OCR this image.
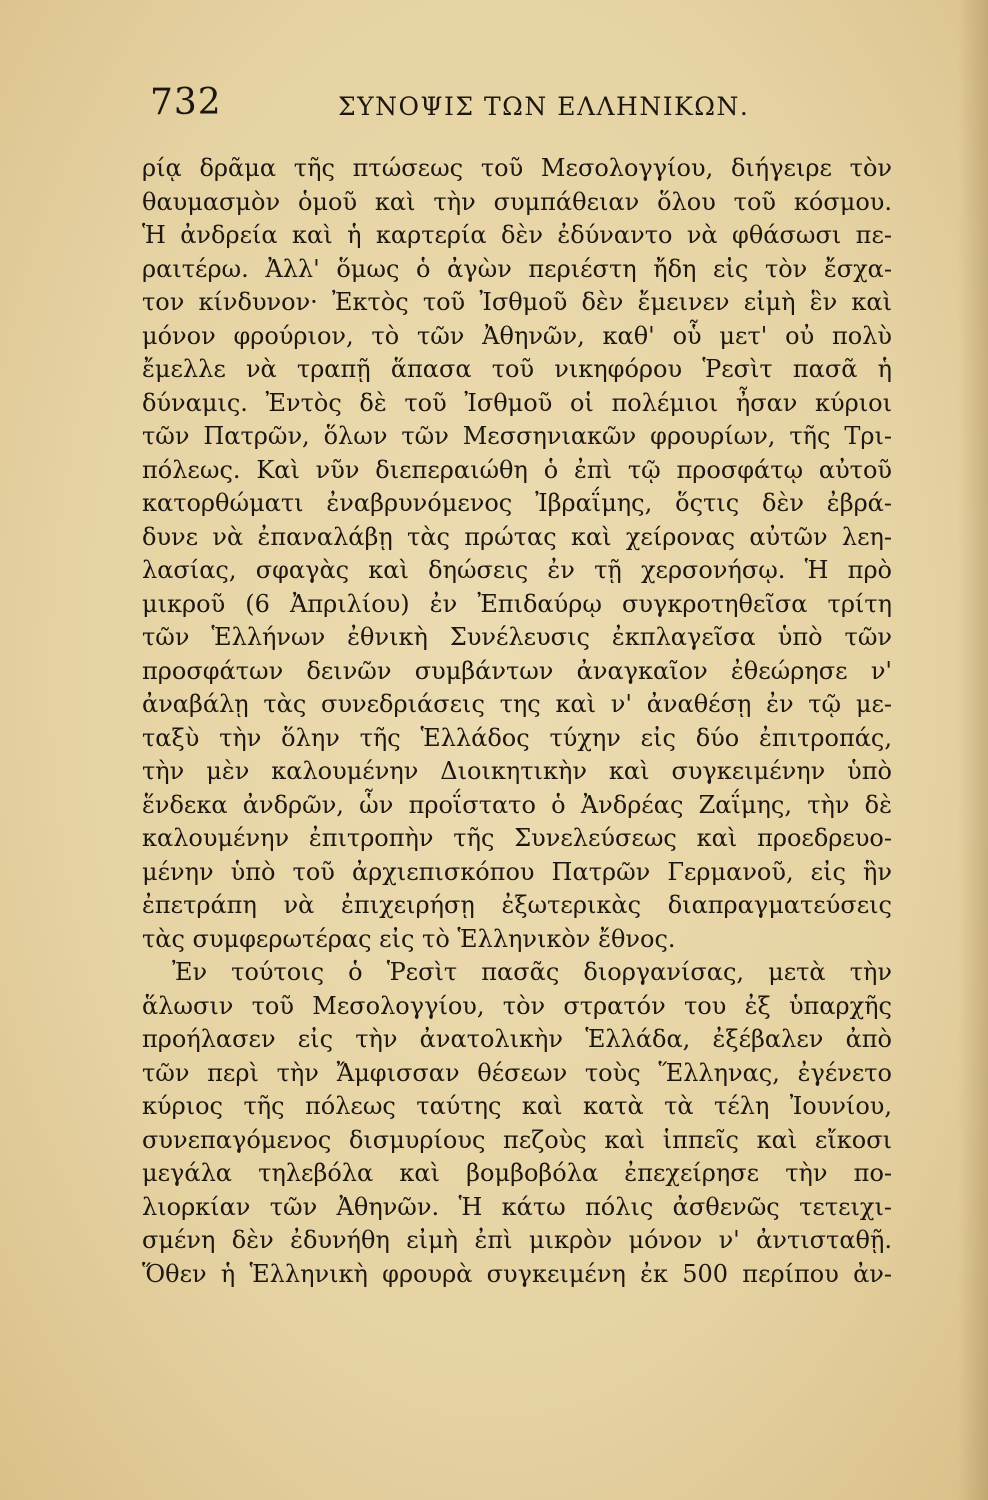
732	ΣΥΝΟΨΙΣ ΤΩΝ ΕΛΛΗΝΙΚΩΝ.
ρίᾳ δρᾶμα τῆς πτώσεως τοῦ Μεσολογγίου, διήγειρε τὸν
θαυμασμὸν ὁμοῦ καὶ τὴν συμπάθειαν ὅλου τοῦ κόσμου.
Ἡ ἀνδρεία καὶ ἡ καρτερία δὲν ἐδύναντο νὰ φθάσωσι πε-
ραιτέρω. Ἀλλ' ὅμως ὁ ἀγὼν περιέστη ἤδη εἰς τὸν ἔσχα-
τον κίνδυνον· Ἐκτὸς τοῦ Ἰσθμοῦ δὲν ἔμεινεν εἰμὴ ἓν καὶ
μόνον φρούριον, τὸ τῶν Ἀθηνῶν, καθ' οὗ μετ' οὐ πολὺ
ἔμελλε νὰ τραπῇ ἅπασα τοῦ νικηφόρου Ῥεσὶτ πασᾶ ἡ
δύναμις. Ἐντὸς δὲ τοῦ Ἰσθμοῦ οἱ πολέμιοι ἦσαν κύριοι
τῶν Πατρῶν, ὅλων τῶν Μεσσηνιακῶν φρουρίων, τῆς Τρι-
πόλεως. Καὶ νῦν διεπεραιώθη ὁ ἐπὶ τῷ προσφάτῳ αὐτοῦ
κατορθώματι ἐναβρυνόμενος Ἰβραΐμης, ὅςτις δὲν ἐβρά-
δυνε νὰ ἐπαναλάβῃ τὰς πρώτας καὶ χείρονας αὐτῶν λεη-
λασίας, σφαγὰς καὶ δηώσεις ἐν τῇ χερσονήσῳ. Ἡ πρὸ
μικροῦ (6 Ἀπριλίου) ἐν Ἐπιδαύρῳ συγκροτηθεῖσα τρίτη
τῶν Ἑλλήνων ἐθνικὴ Συνέλευσις ἐκπλαγεῖσα ὑπὸ τῶν
προσφάτων δεινῶν συμβάντων ἀναγκαῖον ἐθεώρησε ν'
ἀναβάλῃ τὰς συνεδριάσεις της καὶ ν' ἀναθέσῃ ἐν τῷ με-
ταξὺ τὴν ὅλην τῆς Ἑλλάδος τύχην εἰς δύο ἐπιτροπάς,
τὴν μὲν καλουμένην Διοικητικὴν καὶ συγκειμένην ὑπὸ
ἕνδεκα ἀνδρῶν, ὧν προΐστατο ὁ Ἀνδρέας Ζαΐμης, τὴν δὲ
καλουμένην ἐπιτροπὴν τῆς Συνελεύσεως καὶ προεδρευο-
μένην ὑπὸ τοῦ ἀρχιεπισκόπου Πατρῶν Γερμανοῦ, εἰς ἣν
ἐπετράπη νὰ ἐπιχειρήσῃ ἐξωτερικὰς διαπραγματεύσεις
τὰς συμφερωτέρας εἰς τὸ Ἑλληνικὸν ἔθνος.
Ἐν τούτοις ὁ Ῥεσὶτ πασᾶς διοργανίσας, μετὰ τὴν
ἅλωσιν τοῦ Μεσολογγίου, τὸν στρατόν του ἐξ ὑπαρχῆς
προήλασεν εἰς τὴν ἀνατολικὴν Ἑλλάδα, ἐξέβαλεν ἀπὸ
τῶν περὶ τὴν Ἄμφισσαν θέσεων τοὺς Ἕλληνας, ἐγένετο
κύριος τῆς πόλεως ταύτης καὶ κατὰ τὰ τέλη Ἰουνίου,
συνεπαγόμενος δισμυρίους πεζοὺς καὶ ἱππεῖς καὶ εἴκοσι
μεγάλα τηλεβόλα καὶ βομβοβόλα ἐπεχείρησε τὴν πο-
λιορκίαν τῶν Ἀθηνῶν. Ἡ κάτω πόλις ἀσθενῶς τετειχι-
σμένη δὲν ἐδυνήθη εἰμὴ ἐπὶ μικρὸν μόνον ν' ἀντισταθῇ.
Ὅθεν ἡ Ἑλληνικὴ φρουρὰ συγκειμένη ἐκ 500 περίπου ἀν-
